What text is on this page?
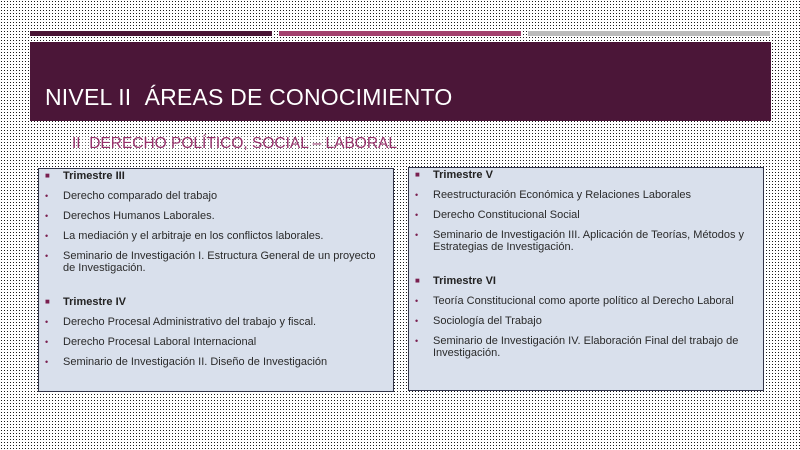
NIVEL II  ÁREAS DE CONOCIMIENTO
II  DERECHO POLÍTICO, SOCIAL – LABORAL
■	Trimestre III
•	Derecho comparado del trabajo
•	Derechos Humanos Laborales.
•	La mediación y el arbitraje en los conflictos laborales.
•	Seminario de Investigación I. Estructura General de un proyecto de Investigación.
■	Trimestre IV
•	Derecho Procesal Administrativo del trabajo y fiscal.
•	Derecho Procesal Laboral Internacional
•	Seminario de Investigación II. Diseño de Investigación
■	Trimestre V
•	Reestructuración Económica y Relaciones Laborales
•	Derecho Constitucional Social
•	Seminario de Investigación III. Aplicación de Teorías, Métodos y Estrategias de Investigación.
■	Trimestre VI
•	Teoría Constitucional como aporte político al Derecho Laboral
•	Sociología del Trabajo
•	Seminario de Investigación IV. Elaboración Final del trabajo de Investigación.
